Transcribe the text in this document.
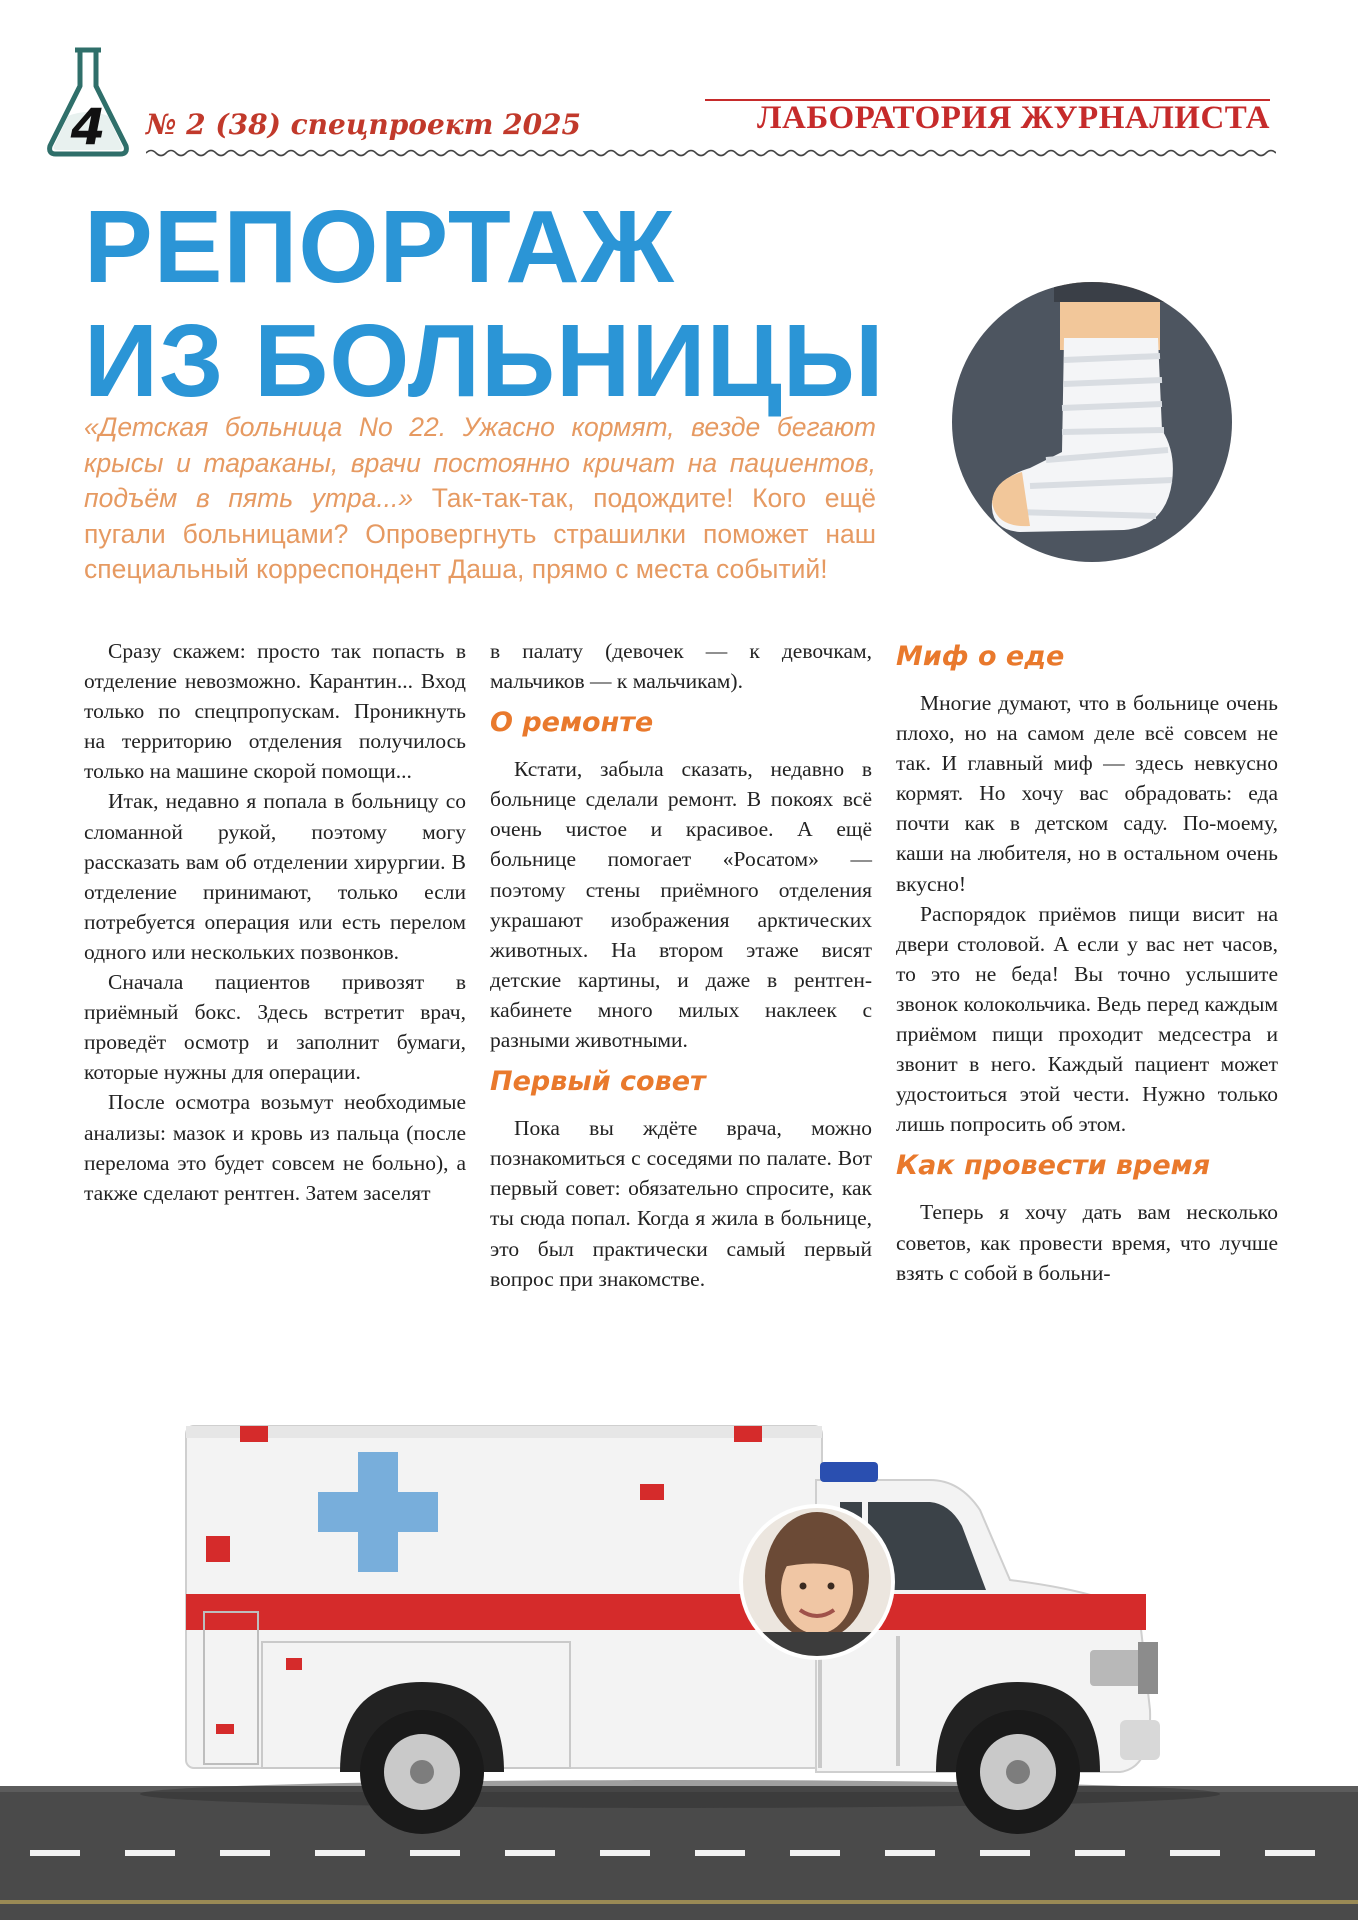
4 № 2 (38) спецпроект 2025	ЛАБОРАТОРИЯ ЖУРНАЛИСТА
РЕПОРТАЖ
ИЗ БОЛЬНИЦЫ

«Детская больница No 22. Ужасно кормят, везде бегают крысы и тараканы, врачи постоянно кричат на пациентов, подъём в пять утра...» Так-так-так, подождите! Кого ещё пугали больницами? Опровергнуть страшилки поможет наш специальный корреспондент Даша, прямо с места событий!

Сразу скажем: просто так попасть в отделение невозможно. Карантин... Вход только по спецпропускам. Проникнуть на территорию отделения получилось только на машине скорой помощи...

Итак, недавно я попала в больницу со сломанной рукой, поэтому могу рассказать вам об отделении хирургии. В отделение принимают, только если потребуется операция или есть перелом одного или нескольких позвонков.

Сначала пациентов привозят в приёмный бокс. Здесь встретит врач, проведёт осмотр и заполнит бумаги, которые нужны для операции.

После осмотра возьмут необходимые анализы: мазок и кровь из пальца (после перелома это будет совсем не больно), а также сделают рентген. Затем заселят

в палату (девочек — к девочкам, мальчиков — к мальчикам).

О ремонте

Кстати, забыла сказать, недавно в больнице сделали ремонт. В покоях всё очень чистое и красивое. А ещё больнице помогает «Росатом» — поэтому стены приёмного отделения украшают изображения арктических животных. На втором этаже висят детские картины, и даже в рентген-кабинете много милых наклеек с разными животными.

Первый совет

Пока вы ждёте врача, можно познакомиться с соседями по палате. Вот первый совет: обязательно спросите, как ты сюда попал. Когда я жила в больнице, это был практически самый первый вопрос при знакомстве.

Миф о еде

Многие думают, что в больнице очень плохо, но на самом деле всё совсем не так. И главный миф — здесь невкусно кормят. Но хочу вас обрадовать: еда почти как в детском саду. По-моему, каши на любителя, но в остальном очень вкусно!

Распорядок приёмов пищи висит на двери столовой. А если у вас нет часов, то это не беда! Вы точно услышите звонок колокольчика. Ведь перед каждым приёмом пищи проходит медсестра и звонит в него. Каждый пациент может удостоиться этой чести. Нужно только лишь попросить об этом.

Как провести время

Теперь я хочу дать вам несколько советов, как провести время, что лучше взять с собой в больни-
